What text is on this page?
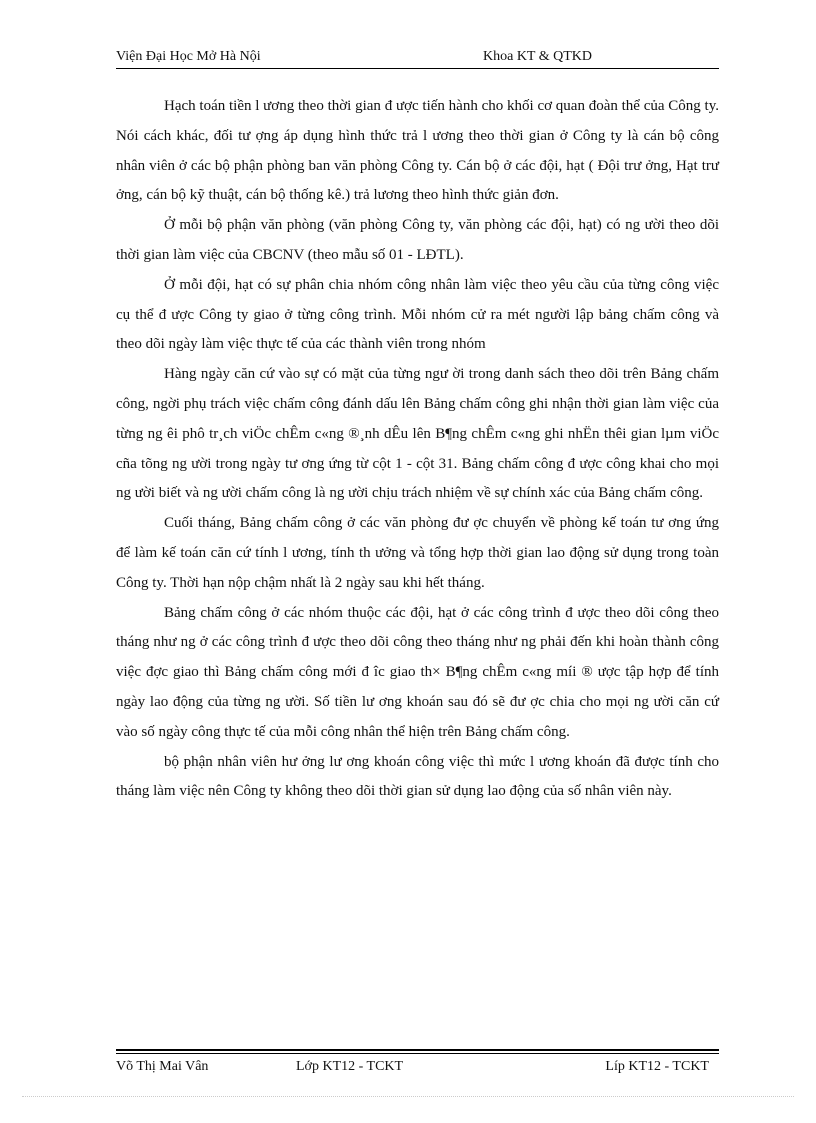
Viện Đại Học Mở Hà Nội	Khoa KT & QTKD

Hạch toán tiền l ương theo thời gian đ ược tiến hành cho khối cơ quan đoàn thể của Công ty. Nói cách khác, đối tư ợng áp dụng hình thức trả l ương theo thời gian ở Công ty là cán bộ công nhân viên ở các bộ phận phòng ban văn phòng Công ty. Cán bộ ở các đội, hạt ( Đội trư ởng, Hạt trư ởng, cán bộ kỹ thuật, cán bộ thống kê.) trả lương theo hình thức giản đơn.

Ở mỗi bộ phận văn phòng (văn phòng Công ty, văn phòng các đội, hạt) có ng ười theo dõi thời gian làm việc của CBCNV (theo mẫu số 01 - LĐTL).

Ở mỗi đội, hạt có sự phân chia nhóm công nhân làm việc theo yêu cầu của từng công việc cụ thể đ ược Công ty giao ở từng công trình. Mỗi nhóm cử ra mét người lập bảng chấm công và theo dõi ngày làm việc thực tế của các thành viên trong nhóm

Hàng ngày căn cứ vào sự có mặt của từng ngư ời trong danh sách theo dõi trên Bảng chấm công, ngời phụ trách việc chấm công đánh dấu lên Bảng chấm công ghi nhận thời gian làm việc của từng ng êi phô tr¸ch viÖc chÊm c«ng ®¸nh dÊu lên B¶ng chÊm c«ng ghi nhËn thêi gian lµm viÖc cña tõng ng ười trong ngày tư ơng ứng từ cột 1 - cột 31. Bảng chấm công đ ược công khai cho mọi ng ười biết và ng ười chấm công là ng ười chịu trách nhiệm về sự chính xác của Bảng chấm công.

Cuối tháng, Bảng chấm công ở các văn phòng đư ợc chuyển về phòng kế toán tư ơng ứng để làm kế toán căn cứ tính l ương, tính th ưởng và tổng hợp thời gian lao động sử dụng trong toàn Công ty. Thời hạn nộp chậm nhất là 2 ngày sau khi hết tháng.

Bảng chấm công ở các nhóm thuộc các đội, hạt ở các công trình đ ược theo dõi công theo tháng như ng ở các công trình đ ược theo dõi công theo tháng như ng phải đến khi hoàn thành công việc đợc giao thì Bảng chấm công mới đ îc giao th× B¶ng chÊm c«ng míi ® ược tập hợp để tính ngày lao động của từng ng ười. Số tiền lư ơng khoán sau đó sẽ đư ợc chia cho mọi ng ười căn cứ vào số ngày công thực tế của mỗi công nhân thể hiện trên Bảng chấm công.

bộ phận nhân viên hư ởng lư ơng khoán công việc thì mức l ương khoán đã được tính cho tháng làm việc nên Công ty không theo dõi thời gian sử dụng lao động của số nhân viên này.

Võ Thị Mai Vân	Lớp KT12 - TCKT	Líp KT12 - TCKT
